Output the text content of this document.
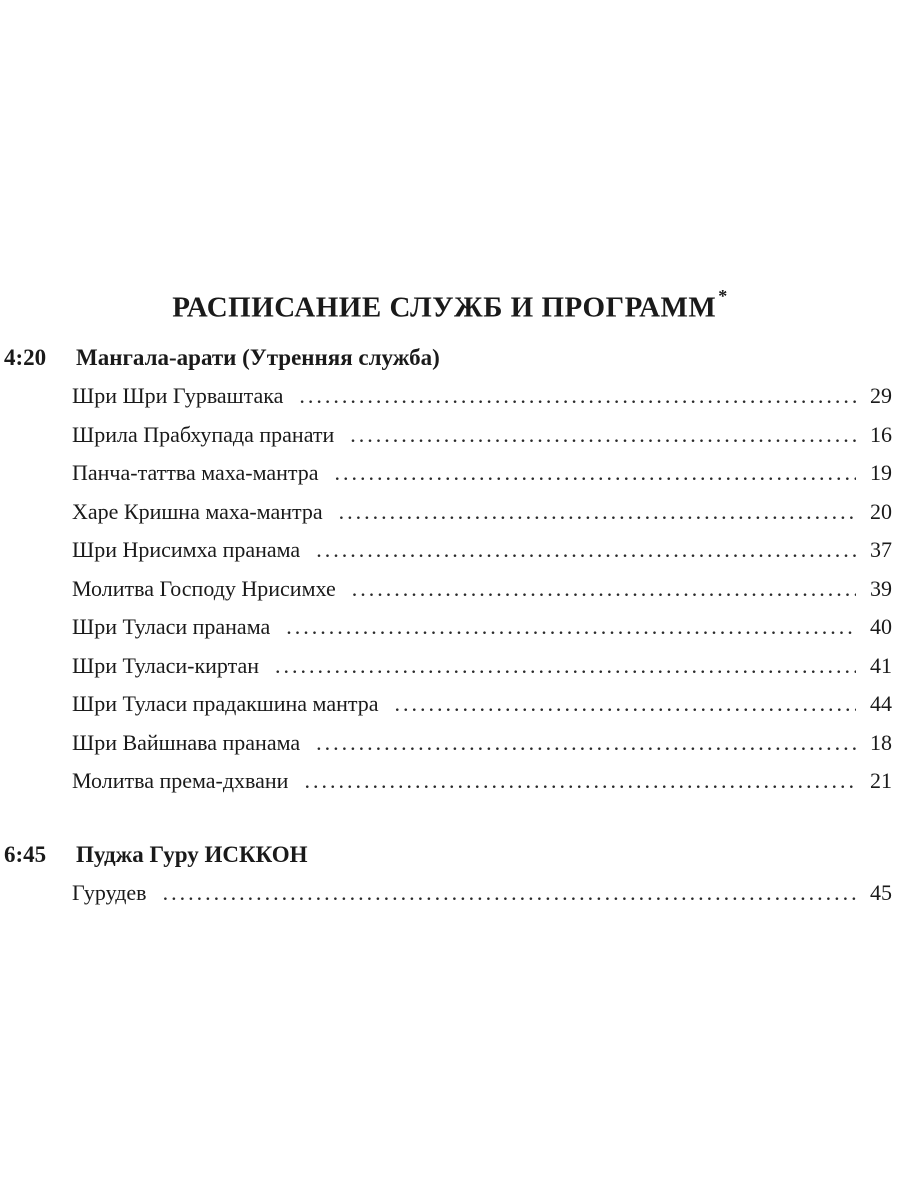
РАСПИСАНИЕ СЛУЖБ И ПРОГРАММ *
4:20	Мангала-арати (Утренняя служба)
Шри Шри Гурваштака .....	29
Шрила Прабхупада пранати .....	16
Панча-таттва маха-мантра .....	19
Харе Кришна маха-мантра .....	20
Шри Нрисимха пранама .....	37
Молитва Господу Нрисимхе .....	39
Шри Туласи пранама .....	40
Шри Туласи-киртан .....	41
Шри Туласи прадакшина мантра .....	44
Шри Вайшнава пранама .....	18
Молитва према-дхвани .....	21
6:45	Пуджа Гуру ИСККОН
Гурудев .....	45
